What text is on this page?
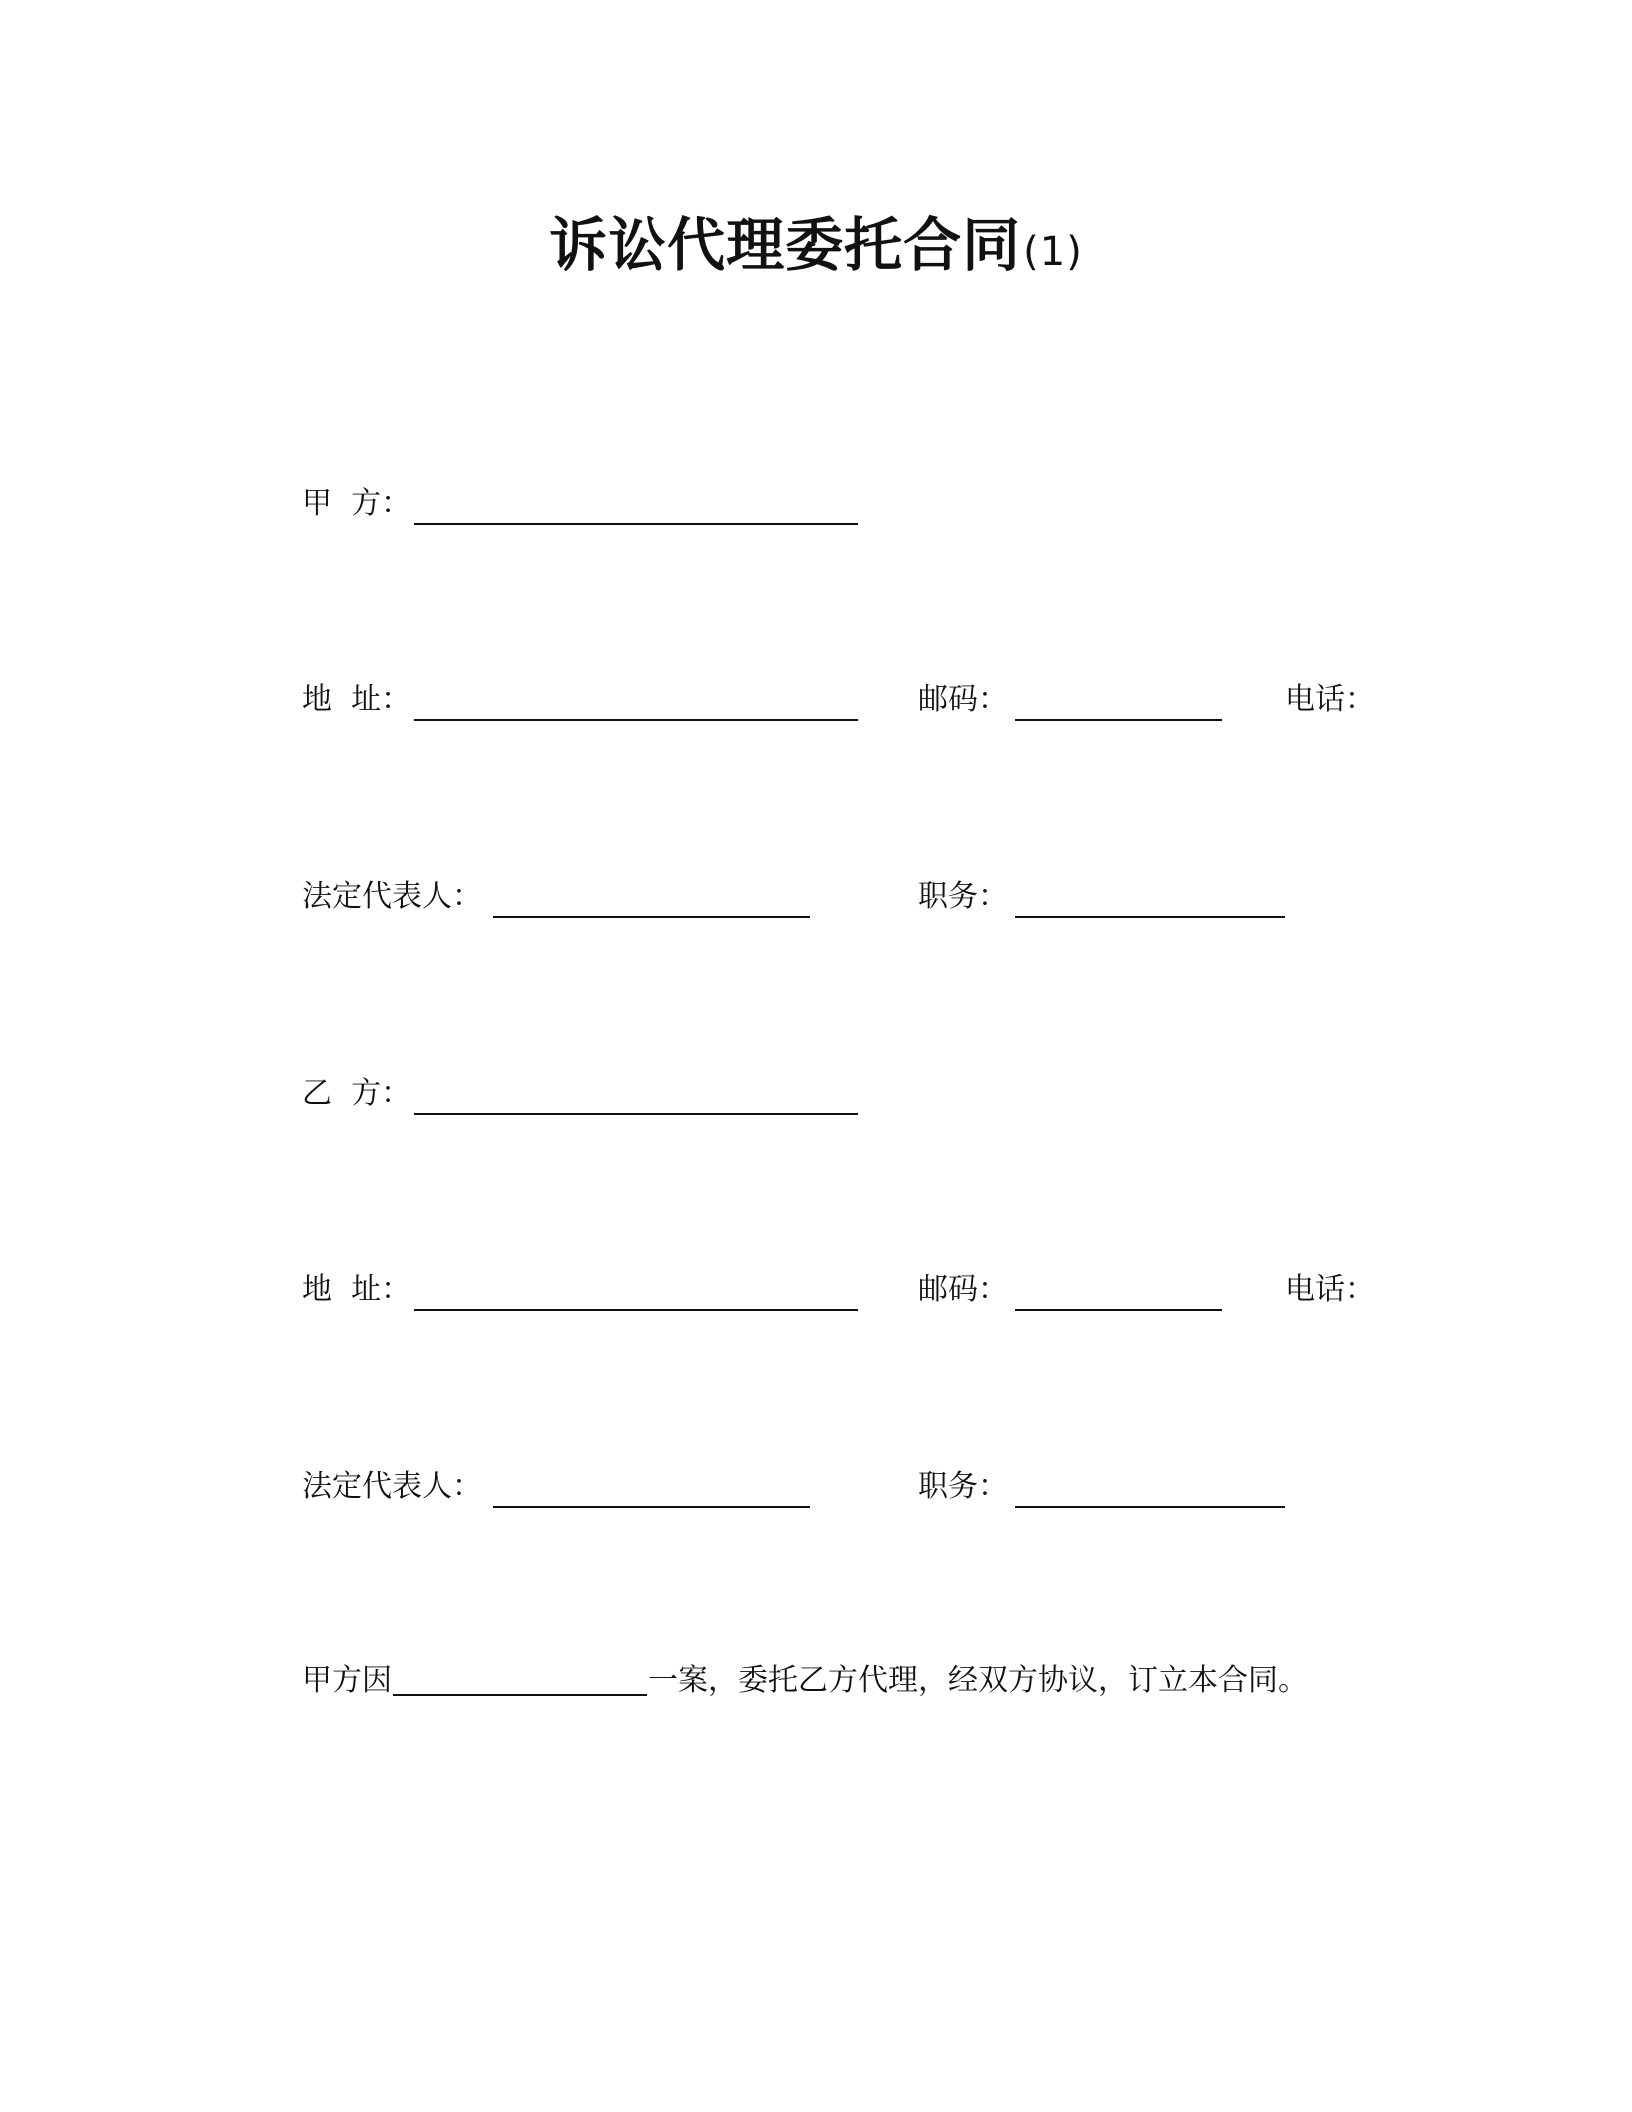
诉讼代理委托合同(1)
甲  方：
地  址：	邮码：	电话：
法定代表人：	职务：
乙  方：
地  址：	邮码：	电话：
法定代表人：	职务：
甲方因	一案，委托乙方代理，经双方协议，订立本合同。
